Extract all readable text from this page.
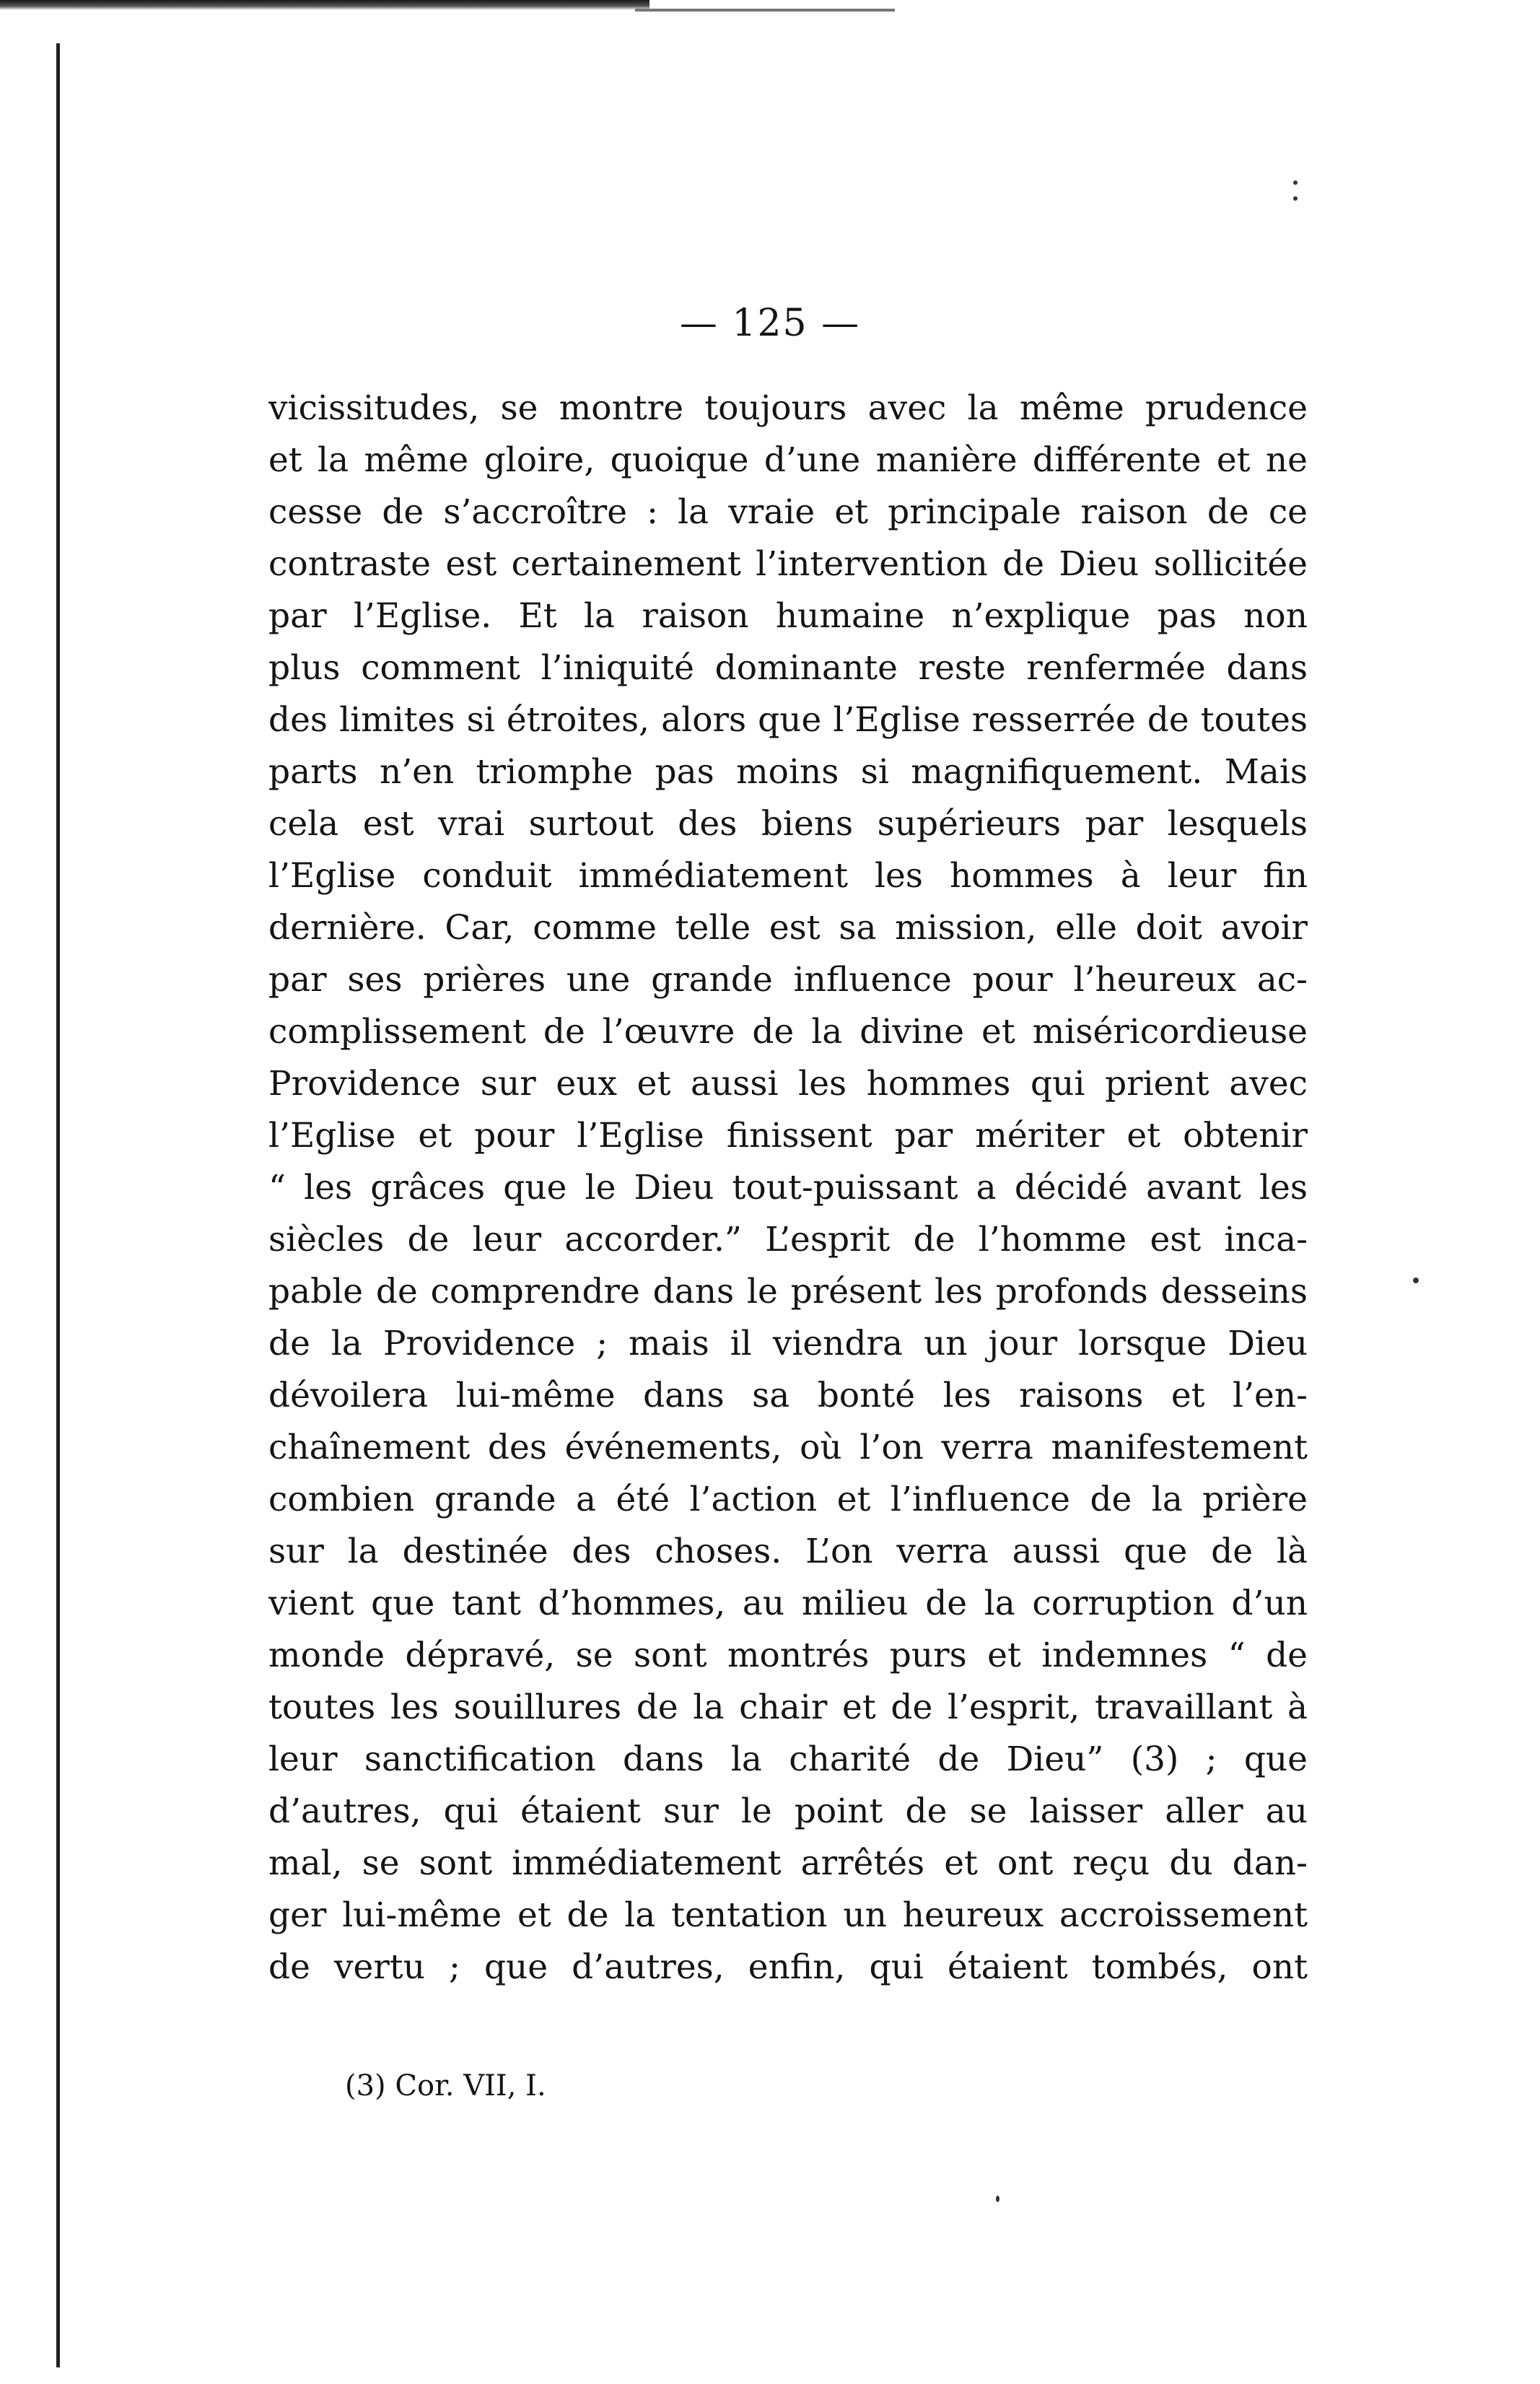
— 125 —
vicissitudes, se montre toujours avec la même prudence
et la même gloire, quoique d’une manière différente et ne
cesse de s’accroître : la vraie et principale raison de ce
contraste est certainement l’intervention de Dieu sollicitée
par l’Eglise. Et la raison humaine n’explique pas non
plus comment l’iniquité dominante reste renfermée dans
des limites si étroites, alors que l’Eglise resserrée de toutes
parts n’en triomphe pas moins si magnifiquement. Mais
cela est vrai surtout des biens supérieurs par lesquels
l’Eglise conduit immédiatement les hommes à leur fin
dernière. Car, comme telle est sa mission, elle doit avoir
par ses prières une grande influence pour l’heureux ac-
complissement de l’œuvre de la divine et miséricordieuse
Providence sur eux et aussi les hommes qui prient avec
l’Eglise et pour l’Eglise finissent par mériter et obtenir
“ les grâces que le Dieu tout-puissant a décidé avant les
siècles de leur accorder.” L’esprit de l’homme est inca-
pable de comprendre dans le présent les profonds desseins
de la Providence ; mais il viendra un jour lorsque Dieu
dévoilera lui-même dans sa bonté les raisons et l’en-
chaînement des événements, où l’on verra manifestement
combien grande a été l’action et l’influence de la prière
sur la destinée des choses. L’on verra aussi que de là
vient que tant d’hommes, au milieu de la corruption d’un
monde dépravé, se sont montrés purs et indemnes “ de
toutes les souillures de la chair et de l’esprit, travaillant à
leur sanctification dans la charité de Dieu” (3) ; que
d’autres, qui étaient sur le point de se laisser aller au
mal, se sont immédiatement arrêtés et ont reçu du dan-
ger lui-même et de la tentation un heureux accroissement
de vertu ; que d’autres, enfin, qui étaient tombés, ont
(3) Cor. VII, I.
